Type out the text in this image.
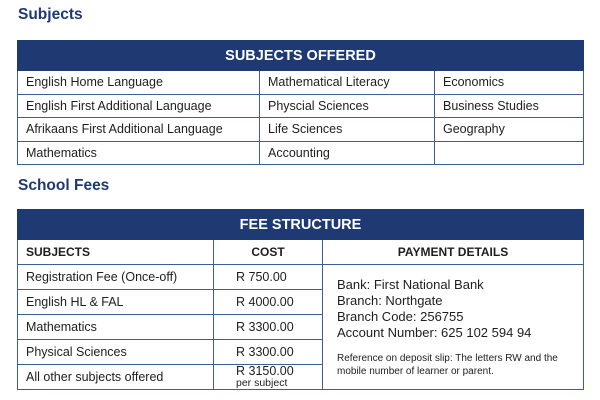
Subjects
SUBJECTS OFFERED		
English Home Language	Mathematical Literacy	Economics
English First Additional Language	Physcial Sciences	Business Studies
Afrikaans First Additional Language	Life Sciences	Geography
Mathematics	Accounting	
School Fees
FEE STRUCTURE		
SUBJECTS	COST	PAYMENT DETAILS
Registration Fee (Once-off)	R 750.00	Bank: First National Bank
Branch: Northgate
Branch Code: 256755
Account Number: 625 102 594 94
Reference on deposit slip: The letters RW and the mobile number of learner or parent.

English HL & FAL	R 4000.00	
Mathematics	R 3300.00	
Physical Sciences	R 3300.00	
All other subjects offered	R 3150.00
per subject	
